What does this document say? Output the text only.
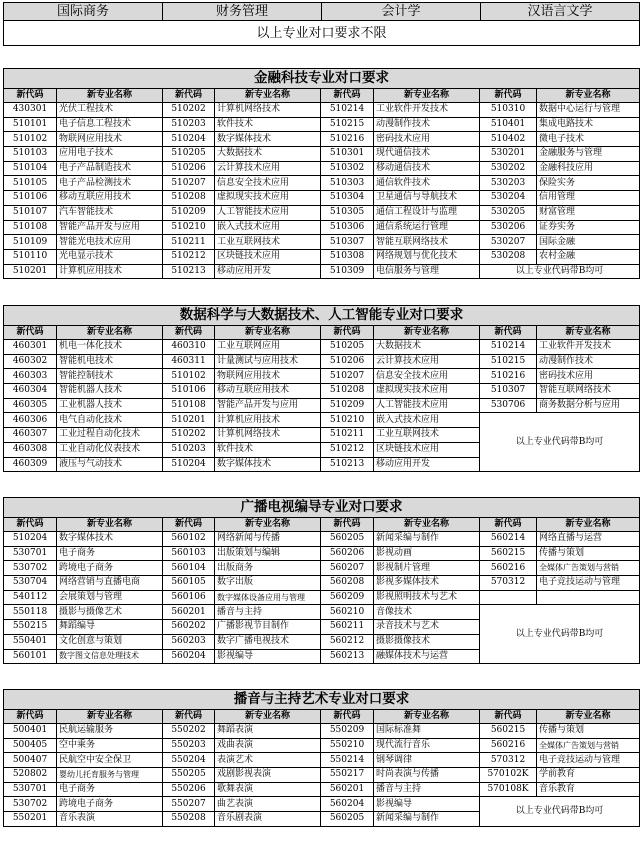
国际商务	财务管理	会计学	汉语言文学
以上专业对口要求不限
金融科技专业对口要求							
新代码	新专业名称	新代码	新专业名称	新代码	新专业名称	新代码	新专业名称
430301	光伏工程技术	510202	计算机网络技术	510214	工业软件开发技术	510310	数据中心运行与管理
510101	电子信息工程技术	510203	软件技术	510215	动漫制作技术	510401	集成电路技术
510102	物联网应用技术	510204	数字媒体技术	510216	密码技术应用	510402	微电子技术
510103	应用电子技术	510205	大数据技术	510301	现代通信技术	530201	金融服务与管理
510104	电子产品制造技术	510206	云计算技术应用	510302	移动通信技术	530202	金融科技应用
510105	电子产品检测技术	510207	信息安全技术应用	510303	通信软件技术	530203	保险实务
510106	移动互联应用技术	510208	虚拟现实技术应用	510304	卫星通信与导航技术	530204	信用管理
510107	汽车智能技术	510209	人工智能技术应用	510305	通信工程设计与监理	530205	财富管理
510108	智能产品开发与应用	510210	嵌入式技术应用	510306	通信系统运行管理	530206	证券实务
510109	智能光电技术应用	510211	工业互联网技术	510307	智能互联网络技术	530207	国际金融
510110	光电显示技术	510212	区块链技术应用	510308	网络规划与优化技术	530208	农村金融
510201	计算机应用技术	510213	移动应用开发	510309	电信服务与管理	以上专业代码带B均可	
数据科学与大数据技术、人工智能专业对口要求							
新代码	新专业名称	新代码	新专业名称	新代码	新专业名称	新代码	新专业名称
460301	机电一体化技术	460310	工业互联网应用	510205	大数据技术	510214	工业软件开发技术
460302	智能机电技术	460311	计量测试与应用技术	510206	云计算技术应用	510215	动漫制作技术
460303	智能控制技术	510102	物联网应用技术	510207	信息安全技术应用	510216	密码技术应用
460304	智能机器人技术	510106	移动互联应用技术	510208	虚拟现实技术应用	510307	智能互联网络技术
460305	工业机器人技术	510108	智能产品开发与应用	510209	人工智能技术应用	530706	商务数据分析与应用
460306	电气自动化技术	510201	计算机应用技术	510210	嵌入式技术应用	以上专业代码带B均可	
460307	工业过程自动化技术	510202	计算机网络技术	510211	工业互联网技术		
460308	工业自动化仪表技术	510203	软件技术	510212	区块链技术应用		
460309	液压与气动技术	510204	数字媒体技术	510213	移动应用开发		
广播电视编导专业对口要求							
新代码	新专业名称	新代码	新专业名称	新代码	新专业名称	新代码	新专业名称
510204	数字媒体技术	560102	网络新闻与传播	560205	新闻采编与制作	560214	网络直播与运营
530701	电子商务	560103	出版策划与编辑	560206	影视动画	560215	传播与策划
530702	跨境电子商务	560104	出版商务	560207	影视制片管理	560216	全媒体广告策划与营销
530704	网络营销与直播电商	560105	数字出版	560208	影视多媒体技术	570312	电子竞技运动与管理
540112	会展策划与管理	560106	数字媒体设备应用与管理	560209	影视照明技术与艺术		
550118	摄影与摄像艺术	560201	播音与主持	560210	音像技术	以上专业代码带B均可	
550215	舞蹈编导	560202	广播影视节目制作	560211	录音技术与艺术		
550401	文化创意与策划	560203	数字广播电视技术	560212	摄影摄像技术		
560101	数字图文信息处理技术	560204	影视编导	560213	融媒体技术与运营		
播音与主持艺术专业对口要求							
新代码	新专业名称	新代码	新专业名称	新代码	新专业名称	新代码	新专业名称
500401	民航运输服务	550202	舞蹈表演	550209	国际标准舞	560215	传播与策划
500405	空中乘务	550203	戏曲表演	550210	现代流行音乐	560216	全媒体广告策划与营销
500407	民航空中安全保卫	550204	表演艺术	550214	钢琴调律	570312	电子竞技运动与管理
520802	婴幼儿托育服务与管理	550205	戏剧影视表演	550217	时尚表演与传播	570102K	学前教育
530701	电子商务	550206	歌舞表演	560201	播音与主持	570108K	音乐教育
530702	跨境电子商务	550207	曲艺表演	560204	影视编导	以上专业代码带B均可	
550201	音乐表演	550208	音乐剧表演	560205	新闻采编与制作		
